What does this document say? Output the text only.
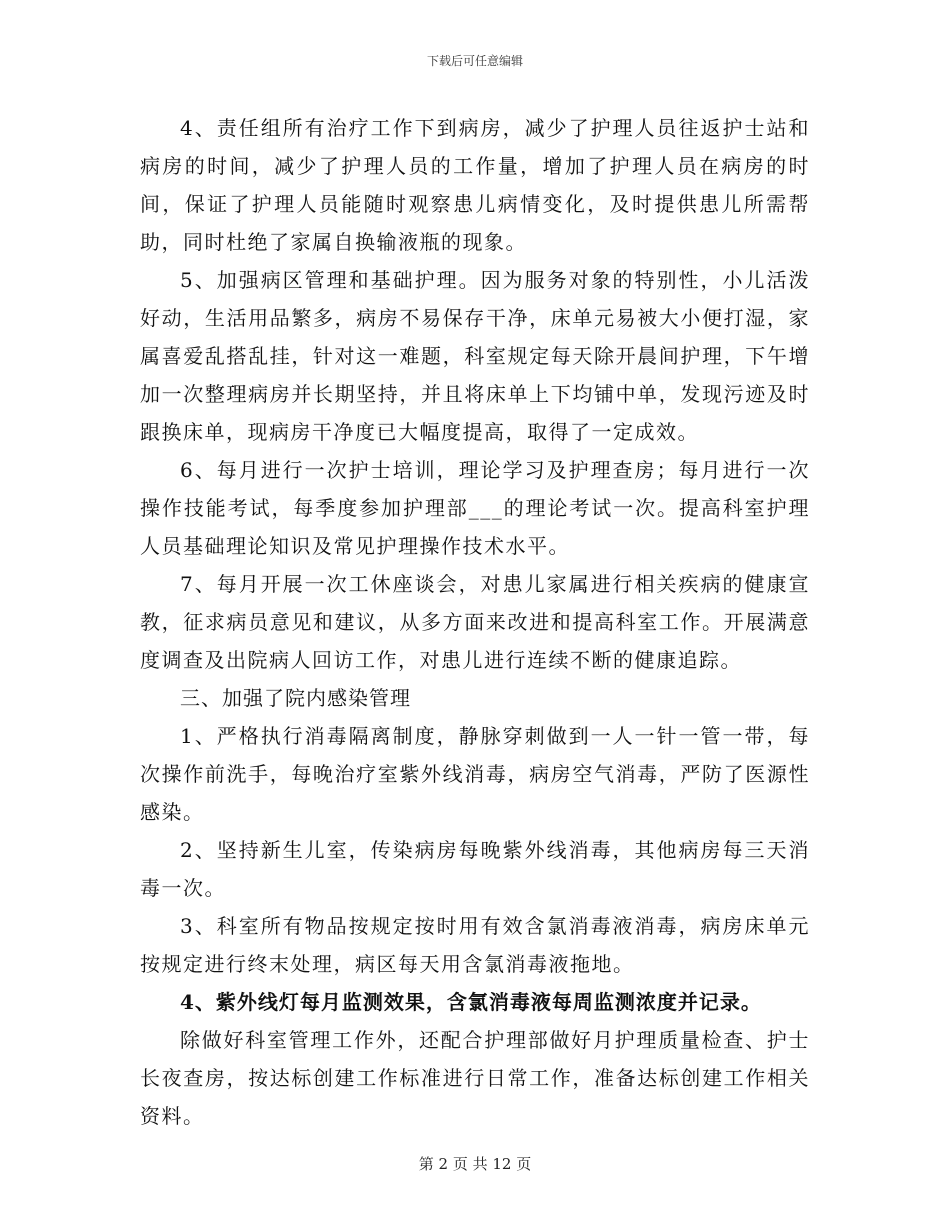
下载后可任意编辑

4、责任组所有治疗工作下到病房，减少了护理人员往返护士站和病房的时间，减少了护理人员的工作量，增加了护理人员在病房的时间，保证了护理人员能随时观察患儿病情变化，及时提供患儿所需帮助，同时杜绝了家属自换输液瓶的现象。

5、加强病区管理和基础护理。因为服务对象的特别性，小儿活泼好动，生活用品繁多，病房不易保存干净，床单元易被大小便打湿，家属喜爱乱搭乱挂，针对这一难题，科室规定每天除开晨间护理，下午增加一次整理病房并长期坚持，并且将床单上下均铺中单，发现污迹及时跟换床单，现病房干净度已大幅度提高，取得了一定成效。

6、每月进行一次护士培训，理论学习及护理查房；每月进行一次操作技能考试，每季度参加护理部___的理论考试一次。提高科室护理人员基础理论知识及常见护理操作技术水平。

7、每月开展一次工休座谈会，对患儿家属进行相关疾病的健康宣教，征求病员意见和建议，从多方面来改进和提高科室工作。开展满意度调查及出院病人回访工作，对患儿进行连续不断的健康追踪。

三、加强了院内感染管理

1、严格执行消毒隔离制度，静脉穿刺做到一人一针一管一带，每次操作前洗手，每晚治疗室紫外线消毒，病房空气消毒，严防了医源性感染。

2、坚持新生儿室，传染病房每晚紫外线消毒，其他病房每三天消毒一次。

3、科室所有物品按规定按时用有效含氯消毒液消毒，病房床单元按规定进行终末处理，病区每天用含氯消毒液拖地。

4、紫外线灯每月监测效果，含氯消毒液每周监测浓度并记录。

除做好科室管理工作外，还配合护理部做好月护理质量检查、护士长夜查房，按达标创建工作标准进行日常工作，准备达标创建工作相关资料。

第 2 页 共 12 页
